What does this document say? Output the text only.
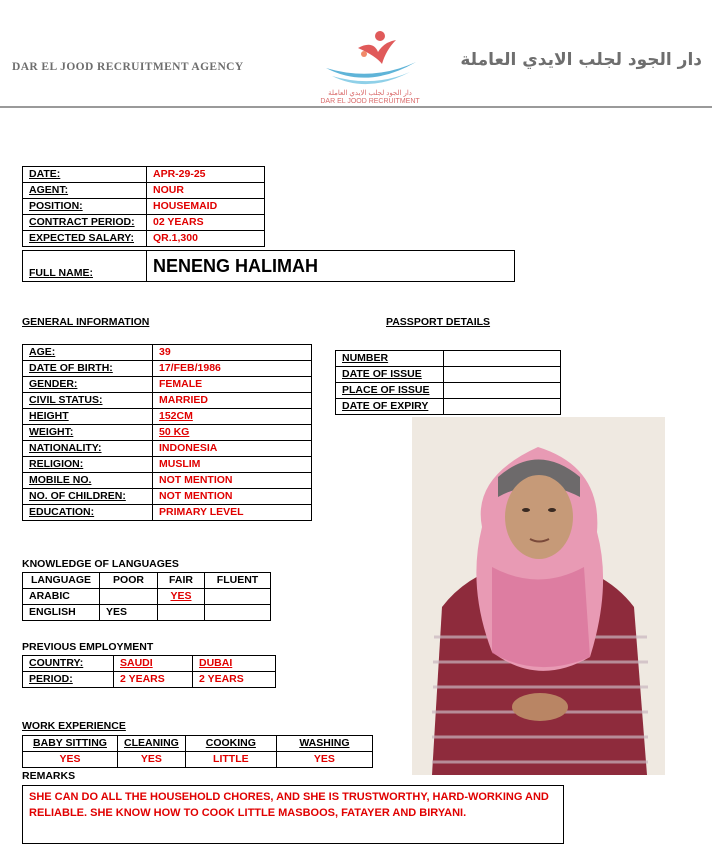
DAR EL JOOD RECRUITMENT AGENCY
دار الجود لجلب الايدي العاملة
DAR EL JOOD RECRUITMENT
دار الجود لجلب الايدي العاملة
DATE:	APR-29-25
AGENT:	NOUR
POSITION:	HOUSEMAID
CONTRACT PERIOD:	02 YEARS
EXPECTED SALARY:	QR.1,300
FULL NAME:	NENENG HALIMAH
GENERAL INFORMATION	PASSPORT DETAILS
AGE:	39
DATE OF BIRTH:	17/FEB/1986
GENDER:	FEMALE
CIVIL STATUS:	MARRIED
HEIGHT	152CM
WEIGHT:	50 KG
NATIONALITY:	INDONESIA
RELIGION:	MUSLIM
MOBILE NO.	NOT MENTION
NO. OF CHILDREN:	NOT MENTION
EDUCATION:	PRIMARY LEVEL
NUMBER	
DATE OF ISSUE	
PLACE OF ISSUE	
DATE OF EXPIRY	
KNOWLEDGE OF LANGUAGES
LANGUAGE	POOR	FAIR	FLUENT
ARABIC		YES	
ENGLISH	YES		
PREVIOUS EMPLOYMENT
COUNTRY:	SAUDI	DUBAI
PERIOD:	2 YEARS	2 YEARS
WORK EXPERIENCE
BABY SITTING	CLEANING	COOKING	WASHING
YES	YES	LITTLE	YES
REMARKS
SHE CAN DO ALL THE HOUSEHOLD CHORES, AND SHE IS TRUSTWORTHY, HARD-WORKING AND RELIABLE. SHE KNOW HOW TO COOK LITTLE MASBOOS, FATAYER AND BIRYANI.
